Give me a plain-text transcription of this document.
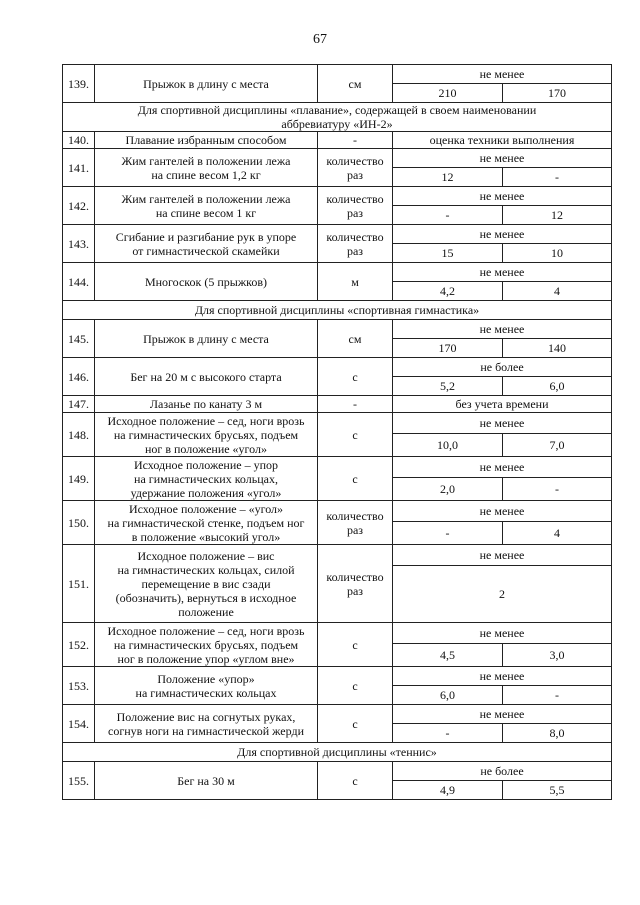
67
139.	Прыжок в длину с места	см	не менее	
			210	170
Для спортивной дисциплины «плавание», содержащей в своем наименовании
аббревиатуру «ИН-2»				
140.	Плавание избранным способом	-	оценка техники выполнения	
141.	Жим гантелей в положении лежа
на спине весом 1,2 кг	количество
раз	не менее	
			12	-
142.	Жим гантелей в положении лежа
на спине весом 1 кг	количество
раз	не менее	
			-	12
143.	Сгибание и разгибание рук в упоре
от гимнастической скамейки	количество
раз	не менее	
			15	10
144.	Многоскок (5 прыжков)	м	не менее	
			4,2	4
Для спортивной дисциплины «спортивная гимнастика»				
145.	Прыжок в длину с места	см	не менее	
			170	140
146.	Бег на 20 м с высокого старта	с	не более	
			5,2	6,0
147.	Лазанье по канату 3 м	-	без учета времени	
148.	Исходное положение – сед, ноги врозь
на гимнастических брусьях, подъем
ног в положение «угол»	с	не менее	
			10,0	7,0
149.	Исходное положение – упор
на гимнастических кольцах,
удержание положения «угол»	с	не менее	
			2,0	-
150.	Исходное положение – «угол»
на гимнастической стенке, подъем ног
в положение «высокий угол»	количество
раз	не менее	
			-	4
151.	Исходное положение – вис
на гимнастических кольцах, силой
перемещение в вис сзади
(обозначить), вернуться в исходное
положение	количество
раз	не менее	
			2	
152.	Исходное положение – сед, ноги врозь
на гимнастических брусьях, подъем
ног в положение упор «углом вне»	с	не менее	
			4,5	3,0
153.	Положение «упор»
на гимнастических кольцах	с	не менее	
			6,0	-
154.	Положение вис на согнутых руках,
согнув ноги на гимнастической жерди	с	не менее	
			-	8,0
Для спортивной дисциплины «теннис»				
155.	Бег на 30 м	с	не более	
			4,9	5,5
